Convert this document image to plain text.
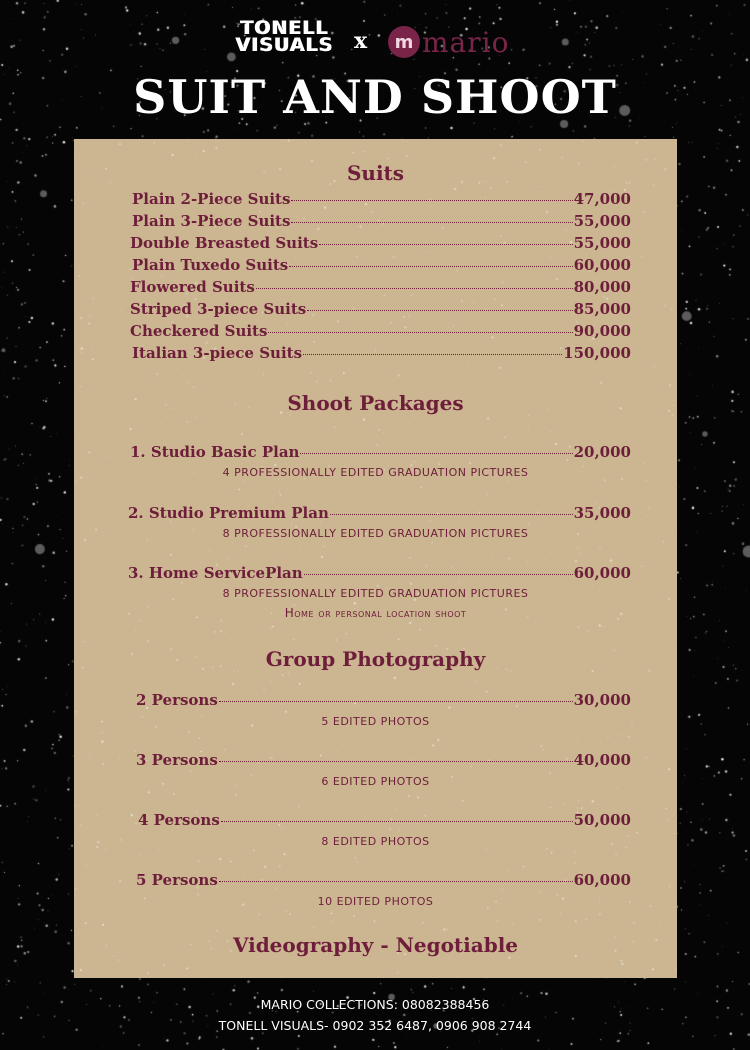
TONELL
VISUALS x	m mario
SUIT AND SHOOT
Suits
Plain 2-Piece Suits	47,000
Plain 3-Piece Suits	55,000
Double Breasted Suits	55,000
Plain Tuxedo Suits	60,000
Flowered Suits	80,000
Striped 3-piece Suits	85,000
Checkered Suits	90,000
Italian 3-piece Suits	150,000
Shoot Packages
1. Studio Basic Plan	20,000
4 PROFESSIONALLY EDITED GRADUATION PICTURES
2. Studio Premium Plan	35,000
8 PROFESSIONALLY EDITED GRADUATION PICTURES
3. Home ServicePlan	60,000
8 PROFESSIONALLY EDITED GRADUATION PICTURES
Home or personal location shoot
Group Photography
2 Persons	30,000
5 EDITED PHOTOS
3 Persons	40,000
6 EDITED PHOTOS
4 Persons	50,000
8 EDITED PHOTOS
5 Persons	60,000
10 EDITED PHOTOS
Videography - Negotiable
MARIO COLLECTIONS: 08082388456
TONELL VISUALS- 0902 352 6487, 0906 908 2744
